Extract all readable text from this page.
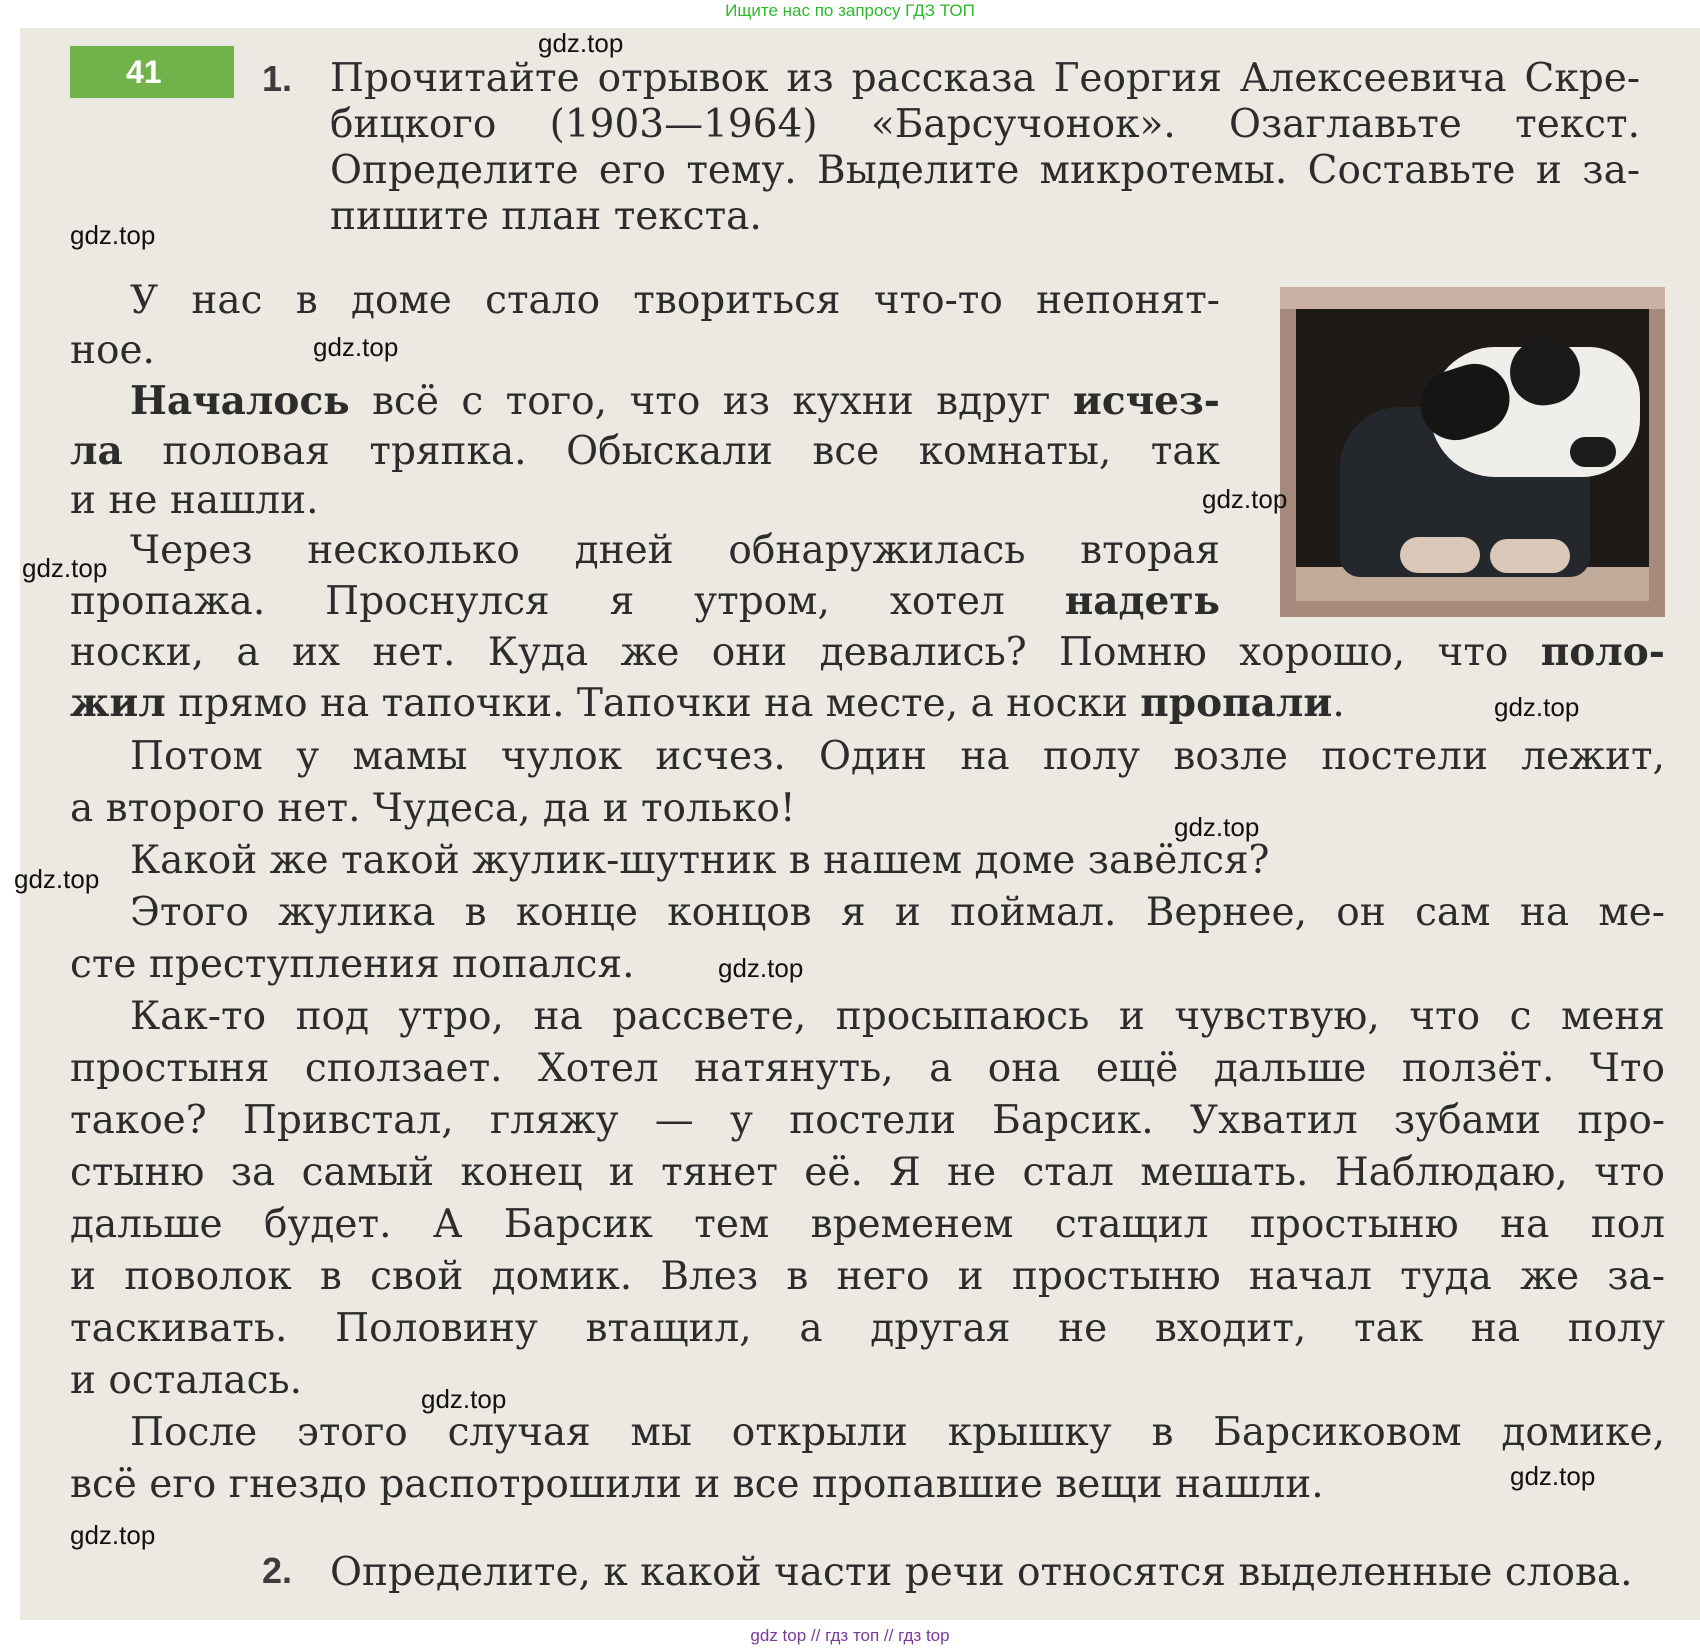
Ищите нас по запросу ГДЗ ТОП
41	1. Прочитайте отрывок из рассказа Георгия Алексеевича Скре-
бицкого (1903—1964) «Барсучонок». Озаглавьте текст.
Определите его тему. Выделите микротемы. Составьте и за-
пишите план текста.
У нас в доме стало твориться что-то непонят-
ное.
Началось всё с того, что из кухни вдруг исчез-
ла половая тряпка. Обыскали все комнаты, так
и не нашли.
Через несколько дней обнаружилась вторая
пропажа. Проснулся я утром, хотел надеть
носки, а их нет. Куда же они девались? Помню хорошо, что поло-
жил прямо на тапочки. Тапочки на месте, а носки пропали.
Потом у мамы чулок исчез. Один на полу возле постели лежит,
а второго нет. Чудеса, да и только!
Какой же такой жулик-шутник в нашем доме завёлся?
Этого жулика в конце концов я и поймал. Вернее, он сам на ме-
сте преступления попался.
Как-то под утро, на рассвете, просыпаюсь и чувствую, что с меня
простыня сползает. Хотел натянуть, а она ещё дальше ползёт. Что
такое? Привстал, гляжу — у постели Барсик. Ухватил зубами про-
стыню за самый конец и тянет её. Я не стал мешать. Наблюдаю, что
дальше будет. А Барсик тем временем стащил простыню на пол
и поволок в свой домик. Влез в него и простыню начал туда же за-
таскивать. Половину втащил, а другая не входит, так на полу
и осталась.
После этого случая мы открыли крышку в Барсиковом домике,
всё его гнездо распотрошили и все пропавшие вещи нашли.
2. Определите, к какой части речи относятся выделенные слова.
gdz.top
gdz.top
gdz.top
gdz.top
gdz.top
gdz.top
gdz.top
gdz.top
gdz.top
gdz.top
gdz.top
gdz.top
gdz top // гдз топ // гдз top
